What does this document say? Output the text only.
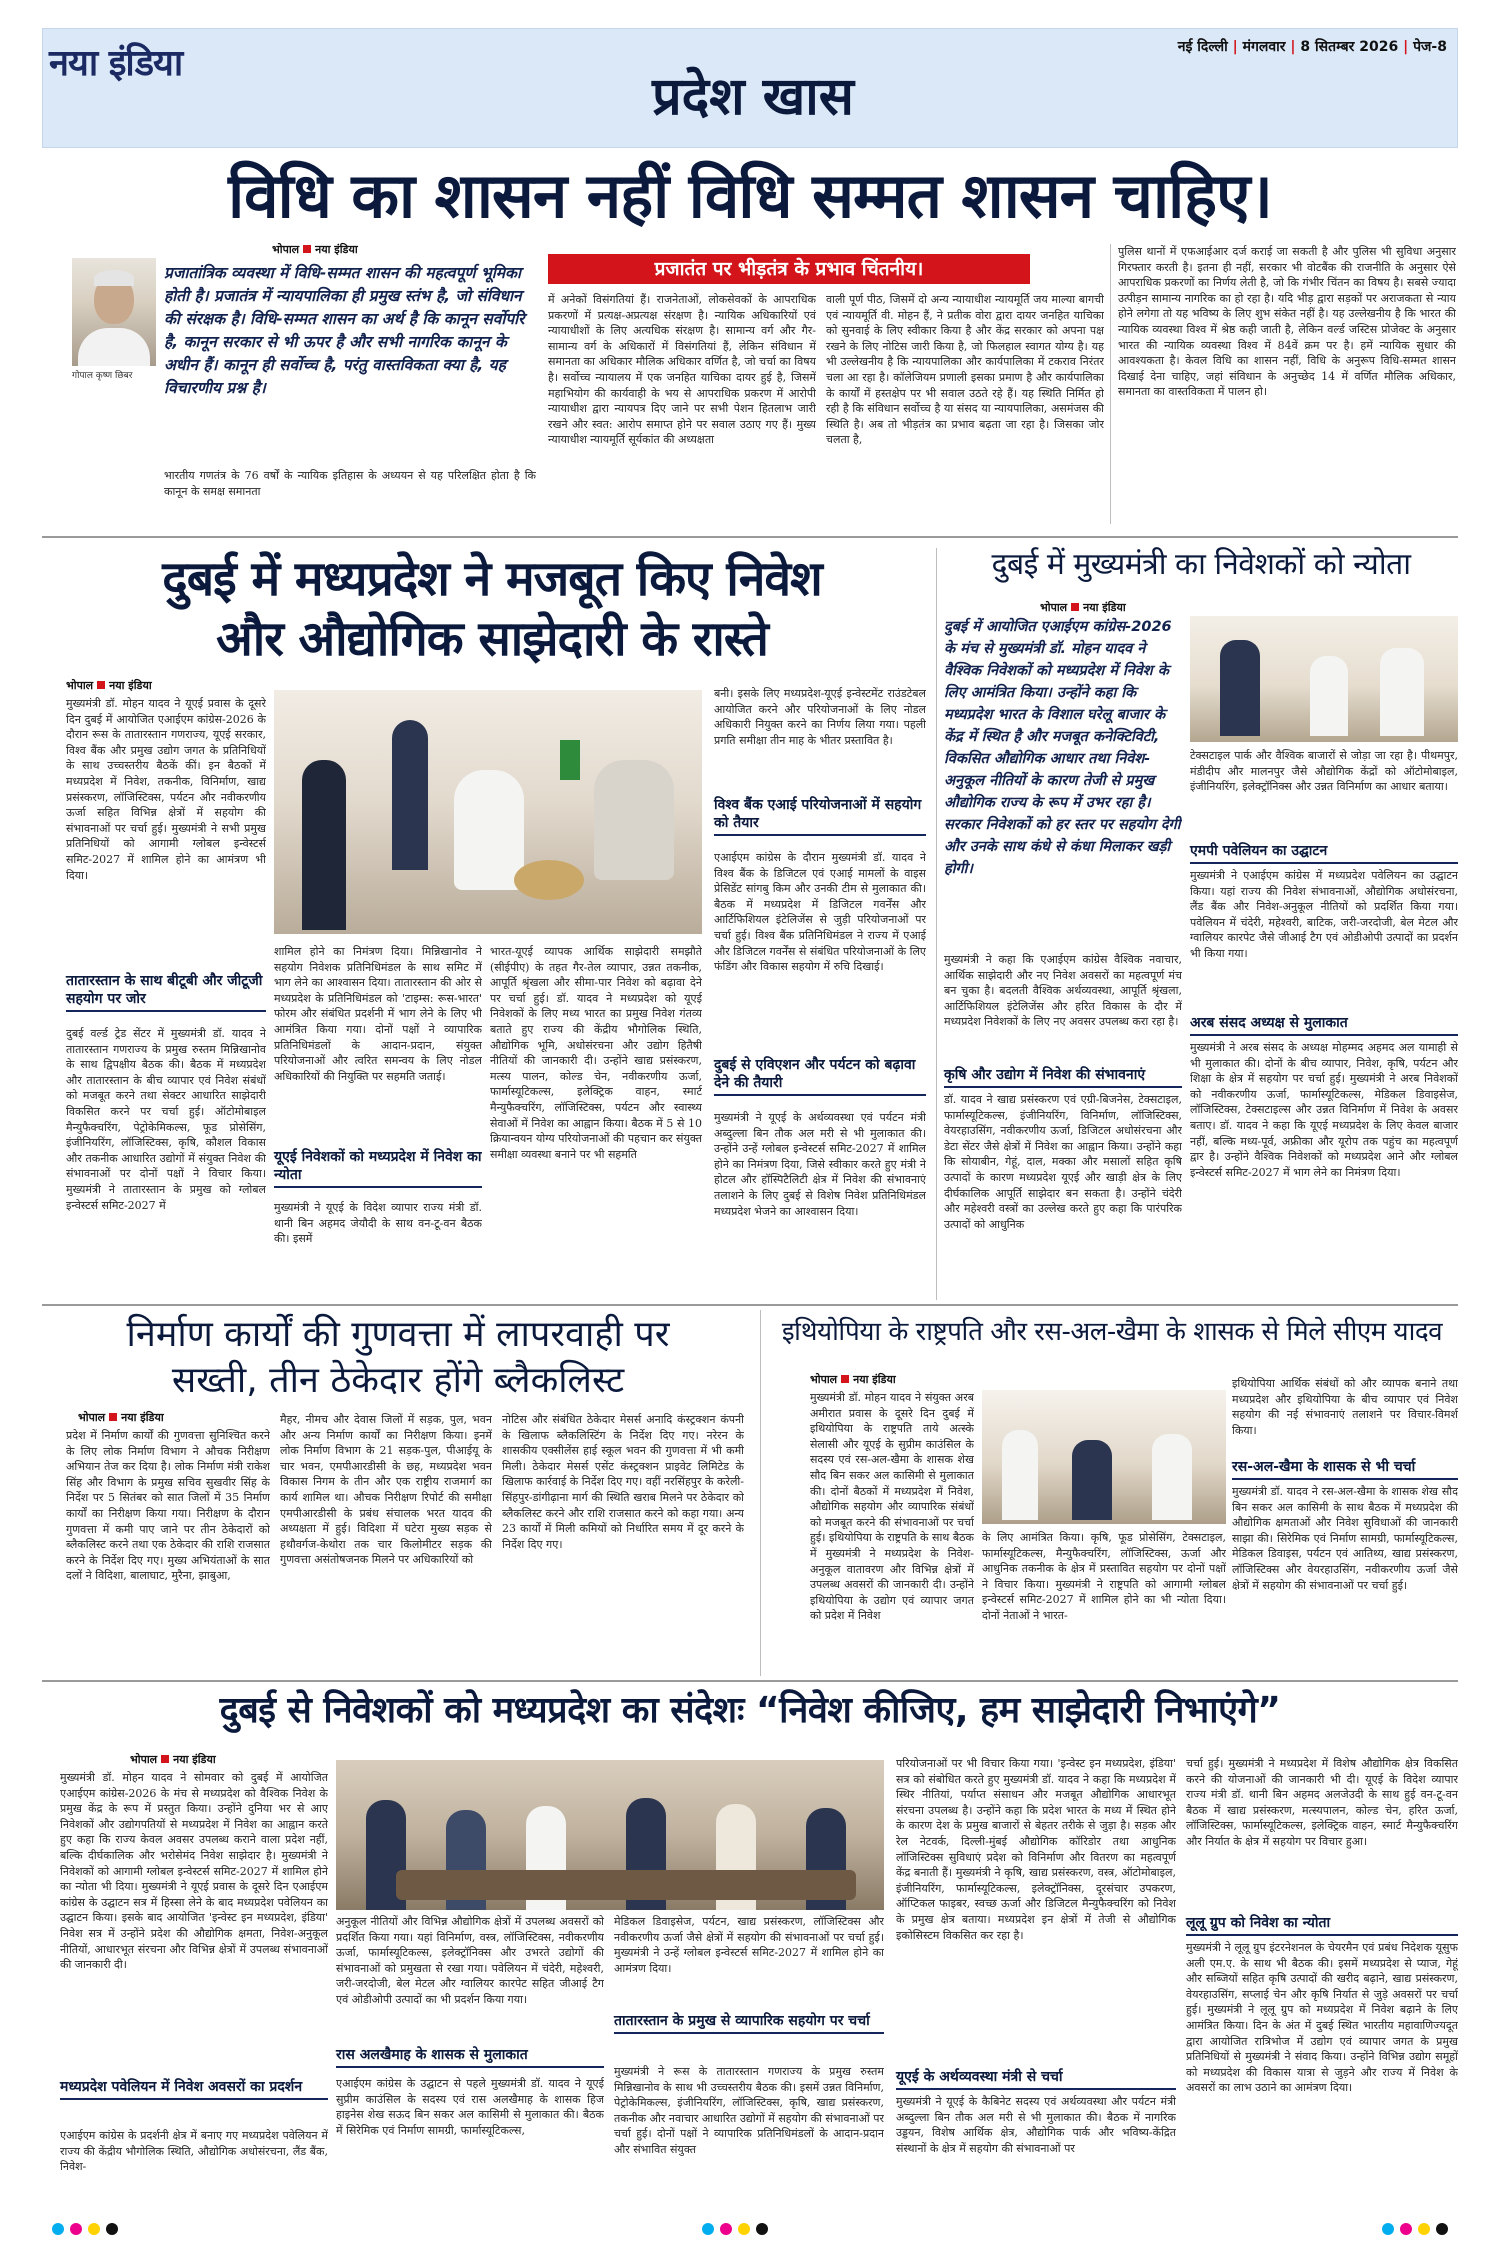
नया इंडिया
प्रदेश खास
नई दिल्ली | मंगलवार | 8 सितम्बर 2026 | पेज-8
विधि का शासन नहीं विधि सम्मत शासन चाहिए।
भोपाल नया इंडिया
गोपाल कृष्ण छिबर
प्रजातांत्रिक व्यवस्था में विधि-सम्मत शासन की महत्वपूर्ण भूमिका होती है। प्रजातंत्र में न्यायपालिका ही प्रमुख स्तंभ है, जो संविधान की संरक्षक है। विधि-सम्मत शासन का अर्थ है कि कानून सर्वोपरि है, कानून सरकार से भी ऊपर है और सभी नागरिक कानून के अधीन हैं। कानून ही सर्वोच्च है, परंतु वास्तविकता क्या है, यह विचारणीय प्रश्न है।
प्रजातंत पर भीड़तंत्र के प्रभाव चिंतनीय।
भारतीय गणतंत्र के 76 वर्षों के न्यायिक इतिहास के अध्ययन से यह परिलक्षित होता है कि कानून के समक्ष समानता
में अनेकों विसंगतियां हैं। राजनेताओं, लोकसेवकों के आपराधिक प्रकरणों में प्रत्यक्ष-अप्रत्यक्ष संरक्षण है। न्यायिक अधिकारियों एवं न्यायाधीशों के लिए अत्यधिक संरक्षण है। सामान्य वर्ग और गैर-सामान्य वर्ग के अधिकारों में विसंगतियां हैं, लेकिन संविधान में समानता का अधिकार मौलिक अधिकार वर्णित है, जो चर्चा का विषय है। सर्वोच्च न्यायालय में एक जनहित याचिका दायर हुई है, जिसमें महाभियोग की कार्यवाही के भय से आपराधिक प्रकरण में आरोपी न्यायाधीश द्वारा न्यायपत्र दिए जाने पर सभी पेशन हितलाभ जारी रखने और स्वत: आरोप समाप्त होने पर सवाल उठाए गए हैं। मुख्य न्यायाधीश न्यायमूर्ति सूर्यकांत की अध्यक्षता
वाली पूर्ण पीठ, जिसमें दो अन्य न्यायाधीश न्यायमूर्ति जय माल्या बागची एवं न्यायमूर्ति वी. मोहन हैं, ने प्रतीक वोरा द्वारा दायर जनहित याचिका को सुनवाई के लिए स्वीकार किया है और केंद्र सरकार को अपना पक्ष रखने के लिए नोटिस जारी किया है, जो फिलहाल स्वागत योग्य है। यह भी उल्लेखनीय है कि न्यायपालिका और कार्यपालिका में टकराव निरंतर चला आ रहा है। कॉलेजियम प्रणाली इसका प्रमाण है और कार्यपालिका के कार्यों में हस्तक्षेप पर भी सवाल उठते रहे हैं। यह स्थिति निर्मित हो रही है कि संविधान सर्वोच्च है या संसद या न्यायपालिका, असमंजस की स्थिति है। अब तो भीड़तंत्र का प्रभाव बढ़ता जा रहा है। जिसका जोर चलता है,
पुलिस थानों में एफआईआर दर्ज कराई जा सकती है और पुलिस भी सुविधा अनुसार गिरफ्तार करती है। इतना ही नहीं, सरकार भी वोटबैंक की राजनीति के अनुसार ऐसे आपराधिक प्रकरणों का निर्णय लेती है, जो कि गंभीर चिंतन का विषय है। सबसे ज्यादा उत्पीड़न सामान्य नागरिक का हो रहा है। यदि भीड़ द्वारा सड़कों पर अराजकता से न्याय होने लगेगा तो यह भविष्य के लिए शुभ संकेत नहीं है। यह उल्लेखनीय है कि भारत की न्यायिक व्यवस्था विश्व में श्रेष्ठ कही जाती है, लेकिन वर्ल्ड जस्टिस प्रोजेक्ट के अनुसार भारत की न्यायिक व्यवस्था विश्व में 84वें क्रम पर है। हमें न्यायिक सुधार की आवश्यकता है। केवल विधि का शासन नहीं, विधि के अनुरूप विधि-सम्मत शासन दिखाई देना चाहिए, जहां संविधान के अनुच्छेद 14 में वर्णित मौलिक अधिकार, समानता का वास्तविकता में पालन हो।
दुबई में मध्यप्रदेश ने मजबूत किए निवेश
और औद्योगिक साझेदारी के रास्ते
भोपाल नया इंडिया
मुख्यमंत्री डॉ. मोहन यादव ने यूएई प्रवास के दूसरे दिन दुबई में आयोजित एआईएम कांग्रेस-2026 के दौरान रूस के तातारस्तान गणराज्य, यूएई सरकार, विश्व बैंक और प्रमुख उद्योग जगत के प्रतिनिधियों के साथ उच्चस्तरीय बैठकें कीं। इन बैठकों में मध्यप्रदेश में निवेश, तकनीक, विनिर्माण, खाद्य प्रसंस्करण, लॉजिस्टिक्स, पर्यटन और नवीकरणीय ऊर्जा सहित विभिन्न क्षेत्रों में सहयोग की संभावनाओं पर चर्चा हुई। मुख्यमंत्री ने सभी प्रमुख प्रतिनिधियों को आगामी ग्लोबल इन्वेस्टर्स समिट-2027 में शामिल होने का आमंत्रण भी दिया।
तातारस्तान के साथ बीटूबी और जीटूजी सहयोग पर जोर
दुबई वर्ल्ड ट्रेड सेंटर में मुख्यमंत्री डॉ. यादव ने तातारस्तान गणराज्य के प्रमुख रुस्तम मिन्निखानोव के साथ द्विपक्षीय बैठक की। बैठक में मध्यप्रदेश और तातारस्तान के बीच व्यापार एवं निवेश संबंधों को मजबूत करने तथा सेक्टर आधारित साझेदारी विकसित करने पर चर्चा हुई। ऑटोमोबाइल मैन्युफैक्चरिंग, पेट्रोकेमिकल्स, फूड प्रोसेसिंग, इंजीनियरिंग, लॉजिस्टिक्स, कृषि, कौशल विकास और तकनीक आधारित उद्योगों में संयुक्त निवेश की संभावनाओं पर दोनों पक्षों ने विचार किया। मुख्यमंत्री ने तातारस्तान के प्रमुख को ग्लोबल इन्वेस्टर्स समिट-2027 में
शामिल होने का निमंत्रण दिया। मिन्निखानोव ने सहयोग निवेशक प्रतिनिधिमंडल के साथ समिट में भाग लेने का आश्वासन दिया। तातारस्तान की ओर से मध्यप्रदेश के प्रतिनिधिमंडल को 'टाइम्स: रूस-भारत' फोरम और संबंधित प्रदर्शनी में भाग लेने के लिए भी आमंत्रित किया गया। दोनों पक्षों ने व्यापारिक प्रतिनिधिमंडलों के आदान-प्रदान, संयुक्त परियोजनाओं और त्वरित समन्वय के लिए नोडल अधिकारियों की नियुक्ति पर सहमति जताई।
यूएई निवेशकों को मध्यप्रदेश में निवेश का न्योता
मुख्यमंत्री ने यूएई के विदेश व्यापार राज्य मंत्री डॉ. थानी बिन अहमद जेयौदी के साथ वन-टू-वन बैठक की। इसमें
भारत-यूएई व्यापक आर्थिक साझेदारी समझौते (सीईपीए) के तहत गैर-तेल व्यापार, उन्नत तकनीक, आपूर्ति श्रृंखला और सीमा-पार निवेश को बढ़ावा देने पर चर्चा हुई। डॉ. यादव ने मध्यप्रदेश को यूएई निवेशकों के लिए मध्य भारत का प्रमुख निवेश गंतव्य बताते हुए राज्य की केंद्रीय भौगोलिक स्थिति, औद्योगिक भूमि, अधोसंरचना और उद्योग हितैषी नीतियों की जानकारी दी। उन्होंने खाद्य प्रसंस्करण, मत्स्य पालन, कोल्ड चेन, नवीकरणीय ऊर्जा, फार्मास्यूटिकल्स, इलेक्ट्रिक वाहन, स्मार्ट मैन्युफैक्चरिंग, लॉजिस्टिक्स, पर्यटन और स्वास्थ्य सेवाओं में निवेश का आह्वान किया। बैठक में 5 से 10 क्रियान्वयन योग्य परियोजनाओं की पहचान कर संयुक्त समीक्षा व्यवस्था बनाने पर भी सहमति
बनी। इसके लिए मध्यप्रदेश-यूएई इन्वेस्टमेंट राउंडटेबल आयोजित करने और परियोजनाओं के लिए नोडल अधिकारी नियुक्त करने का निर्णय लिया गया। पहली प्रगति समीक्षा तीन माह के भीतर प्रस्तावित है।
विश्व बैंक एआई परियोजनाओं में सहयोग को तैयार
एआईएम कांग्रेस के दौरान मुख्यमंत्री डॉ. यादव ने विश्व बैंक के डिजिटल एवं एआई मामलों के वाइस प्रेसिडेंट सांगबु किम और उनकी टीम से मुलाकात की। बैठक में मध्यप्रदेश में डिजिटल गवर्नेंस और आर्टिफिशियल इंटेलिजेंस से जुड़ी परियोजनाओं पर चर्चा हुई। विश्व बैंक प्रतिनिधिमंडल ने राज्य में एआई और डिजिटल गवर्नेंस से संबंधित परियोजनाओं के लिए फंडिंग और विकास सहयोग में रुचि दिखाई।
दुबई से एविएशन और पर्यटन को बढ़ावा देने की तैयारी
मुख्यमंत्री ने यूएई के अर्थव्यवस्था एवं पर्यटन मंत्री अब्दुल्ला बिन तौक अल मरी से भी मुलाकात की। उन्होंने उन्हें ग्लोबल इन्वेस्टर्स समिट-2027 में शामिल होने का निमंत्रण दिया, जिसे स्वीकार करते हुए मंत्री ने होटल और हॉस्पिटैलिटी क्षेत्र में निवेश की संभावनाएं तलाशने के लिए दुबई से विशेष निवेश प्रतिनिधिमंडल मध्यप्रदेश भेजने का आश्वासन दिया।
दुबई में मुख्यमंत्री का निवेशकों को न्योता
भोपाल नया इंडिया
दुबई में आयोजित एआईएम कांग्रेस-2026 के मंच से मुख्यमंत्री डॉ. मोहन यादव ने वैश्विक निवेशकों को मध्यप्रदेश में निवेश के लिए आमंत्रित किया। उन्होंने कहा कि मध्यप्रदेश भारत के विशाल घरेलू बाजार के केंद्र में स्थित है और मजबूत कनेक्टिविटी, विकसित औद्योगिक आधार तथा निवेश-अनुकूल नीतियों के कारण तेजी से प्रमुख औद्योगिक राज्य के रूप में उभर रहा है। सरकार निवेशकों को हर स्तर पर सहयोग देगी और उनके साथ कंधे से कंधा मिलाकर खड़ी होगी।
टेक्सटाइल पार्क और वैश्विक बाजारों से जोड़ा जा रहा है। पीथमपुर, मंडीदीप और मालनपुर जैसे औद्योगिक केंद्रों को ऑटोमोबाइल, इंजीनियरिंग, इलेक्ट्रॉनिक्स और उन्नत विनिर्माण का आधार बताया।
एमपी पवेलियन का उद्घाटन
मुख्यमंत्री ने एआईएम कांग्रेस में मध्यप्रदेश पवेलियन का उद्घाटन किया। यहां राज्य की निवेश संभावनाओं, औद्योगिक अधोसंरचना, लैंड बैंक और निवेश-अनुकूल नीतियों को प्रदर्शित किया गया। पवेलियन में चंदेरी, महेश्वरी, बाटिक, जरी-जरदोजी, बेल मेटल और ग्वालियर कारपेट जैसे जीआई टैग एवं ओडीओपी उत्पादों का प्रदर्शन भी किया गया।
अरब संसद अध्यक्ष से मुलाकात
मुख्यमंत्री ने अरब संसद के अध्यक्ष मोहम्मद अहमद अल यामाही से भी मुलाकात की। दोनों के बीच व्यापार, निवेश, कृषि, पर्यटन और शिक्षा के क्षेत्र में सहयोग पर चर्चा हुई। मुख्यमंत्री ने अरब निवेशकों को नवीकरणीय ऊर्जा, फार्मास्यूटिकल्स, मेडिकल डिवाइसेज, लॉजिस्टिक्स, टेक्सटाइल्स और उन्नत विनिर्माण में निवेश के अवसर बताए। डॉ. यादव ने कहा कि यूएई मध्यप्रदेश के लिए केवल बाजार नहीं, बल्कि मध्य-पूर्व, अफ्रीका और यूरोप तक पहुंच का महत्वपूर्ण द्वार है। उन्होंने वैश्विक निवेशकों को मध्यप्रदेश आने और ग्लोबल इन्वेस्टर्स समिट-2027 में भाग लेने का निमंत्रण दिया।
मुख्यमंत्री ने कहा कि एआईएम कांग्रेस वैश्विक नवाचार, आर्थिक साझेदारी और नए निवेश अवसरों का महत्वपूर्ण मंच बन चुका है। बदलती वैश्विक अर्थव्यवस्था, आपूर्ति श्रृंखला, आर्टिफिशियल इंटेलिजेंस और हरित विकास के दौर में मध्यप्रदेश निवेशकों के लिए नए अवसर उपलब्ध करा रहा है।
कृषि और उद्योग में निवेश की संभावनाएं
डॉ. यादव ने खाद्य प्रसंस्करण एवं एग्री-बिजनेस, टेक्सटाइल, फार्मास्यूटिकल्स, इंजीनियरिंग, विनिर्माण, लॉजिस्टिक्स, वेयरहाउसिंग, नवीकरणीय ऊर्जा, डिजिटल अधोसंरचना और डेटा सेंटर जैसे क्षेत्रों में निवेश का आह्वान किया। उन्होंने कहा कि सोयाबीन, गेहूं, दाल, मक्का और मसालों सहित कृषि उत्पादों के कारण मध्यप्रदेश यूएई और खाड़ी क्षेत्र के लिए दीर्घकालिक आपूर्ति साझेदार बन सकता है। उन्होंने चंदेरी और महेश्वरी वस्त्रों का उल्लेख करते हुए कहा कि पारंपरिक उत्पादों को आधुनिक
निर्माण कार्यों की गुणवत्ता में लापरवाही पर
सख्ती, तीन ठेकेदार होंगे ब्लैकलिस्ट
भोपाल नया इंडिया
प्रदेश में निर्माण कार्यों की गुणवत्ता सुनिश्चित करने के लिए लोक निर्माण विभाग ने औचक निरीक्षण अभियान तेज कर दिया है। लोक निर्माण मंत्री राकेश सिंह और विभाग के प्रमुख सचिव सुखवीर सिंह के निर्देश पर 5 सितंबर को सात जिलों में 35 निर्माण कार्यों का निरीक्षण किया गया। निरीक्षण के दौरान गुणवत्ता में कमी पाए जाने पर तीन ठेकेदारों को ब्लैकलिस्ट करने तथा एक ठेकेदार की राशि राजसात करने के निर्देश दिए गए। मुख्य अभियंताओं के सात दलों ने विदिशा, बालाघाट, मुरैना, झाबुआ,
मैहर, नीमच और देवास जिलों में सड़क, पुल, भवन और अन्य निर्माण कार्यों का निरीक्षण किया। इनमें लोक निर्माण विभाग के 21 सड़क-पुल, पीआईयू के चार भवन, एमपीआरडीसी के छह, मध्यप्रदेश भवन विकास निगम के तीन और एक राष्ट्रीय राजमार्ग का कार्य शामिल था। औचक निरीक्षण रिपोर्ट की समीक्षा एमपीआरडीसी के प्रबंध संचालक भरत यादव की अध्यक्षता में हुई। विदिशा में घटेरा मुख्य सड़क से हथौवर्गज-केथोरा तक चार किलोमीटर सड़क की गुणवत्ता असंतोषजनक मिलने पर अधिकारियों को
नोटिस और संबंधित ठेकेदार मेसर्स अनादि कंस्ट्रक्शन कंपनी के खिलाफ ब्लैकलिस्टिंग के निर्देश दिए गए। नरेरन के शासकीय एक्सीलेंस हाई स्कूल भवन की गुणवत्ता में भी कमी मिली। ठेकेदार मेसर्स एसेंट कंस्ट्रक्शन प्राइवेट लिमिटेड के खिलाफ कार्रवाई के निर्देश दिए गए। वहीं नरसिंहपुर के करेली-सिंहपुर-डांगीढ़ाना मार्ग की स्थिति खराब मिलने पर ठेकेदार को ब्लैकलिस्ट करने और राशि राजसात करने को कहा गया। अन्य 23 कार्यों में मिली कमियों को निर्धारित समय में दूर करने के निर्देश दिए गए।
इथियोपिया के राष्ट्रपति और रस-अल-खैमा के शासक से मिले सीएम यादव
भोपाल नया इंडिया
मुख्यमंत्री डॉ. मोहन यादव ने संयुक्त अरब अमीरात प्रवास के दूसरे दिन दुबई में इथियोपिया के राष्ट्रपति ताये अत्स्के सेलासी और यूएई के सुप्रीम काउंसिल के सदस्य एवं रस-अल-खैमा के शासक शेख सौद बिन सकर अल कासिमी से मुलाकात की। दोनों बैठकों में मध्यप्रदेश में निवेश, औद्योगिक सहयोग और व्यापारिक संबंधों को मजबूत करने की संभावनाओं पर चर्चा हुई। इथियोपिया के राष्ट्रपति के साथ बैठक में मुख्यमंत्री ने मध्यप्रदेश के निवेश-अनुकूल वातावरण और विभिन्न क्षेत्रों में उपलब्ध अवसरों की जानकारी दी। उन्होंने इथियोपिया के उद्योग एवं व्यापार जगत को प्रदेश में निवेश
के लिए आमंत्रित किया। कृषि, फूड प्रोसेसिंग, टेक्सटाइल, फार्मास्यूटिकल्स, मैन्युफैक्चरिंग, लॉजिस्टिक्स, ऊर्जा और आधुनिक तकनीक के क्षेत्र में प्रस्तावित सहयोग पर दोनों पक्षों ने विचार किया। मुख्यमंत्री ने राष्ट्रपति को आगामी ग्लोबल इन्वेस्टर्स समिट-2027 में शामिल होने का भी न्योता दिया। दोनों नेताओं ने भारत-
इथियोपिया आर्थिक संबंधों को और व्यापक बनाने तथा मध्यप्रदेश और इथियोपिया के बीच व्यापार एवं निवेश सहयोग की नई संभावनाएं तलाशने पर विचार-विमर्श किया।
रस-अल-खैमा के शासक से भी चर्चा
मुख्यमंत्री डॉ. यादव ने रस-अल-खैमा के शासक शेख सौद बिन सकर अल कासिमी के साथ बैठक में मध्यप्रदेश की औद्योगिक क्षमताओं और निवेश सुविधाओं की जानकारी साझा की। सिरेमिक एवं निर्माण सामग्री, फार्मास्यूटिकल्स, मेडिकल डिवाइस, पर्यटन एवं आतिथ्य, खाद्य प्रसंस्करण, लॉजिस्टिक्स और वेयरहाउसिंग, नवीकरणीय ऊर्जा जैसे क्षेत्रों में सहयोग की संभावनाओं पर चर्चा हुई।
दुबई से निवेशकों को मध्यप्रदेश का संदेशः “निवेश कीजिए, हम साझेदारी निभाएंगे”
भोपाल नया इंडिया
मुख्यमंत्री डॉ. मोहन यादव ने सोमवार को दुबई में आयोजित एआईएम कांग्रेस-2026 के मंच से मध्यप्रदेश को वैश्विक निवेश के प्रमुख केंद्र के रूप में प्रस्तुत किया। उन्होंने दुनिया भर से आए निवेशकों और उद्योगपतियों से मध्यप्रदेश में निवेश का आह्वान करते हुए कहा कि राज्य केवल अवसर उपलब्ध कराने वाला प्रदेश नहीं, बल्कि दीर्घकालिक और भरोसेमंद निवेश साझेदार है। मुख्यमंत्री ने निवेशकों को आगामी ग्लोबल इन्वेस्टर्स समिट-2027 में शामिल होने का न्योता भी दिया। मुख्यमंत्री ने यूएई प्रवास के दूसरे दिन एआईएम कांग्रेस के उद्घाटन सत्र में हिस्सा लेने के बाद मध्यप्रदेश पवेलियन का उद्घाटन किया। इसके बाद आयोजित 'इन्वेस्ट इन मध्यप्रदेश, इंडिया' निवेश सत्र में उन्होंने प्रदेश की औद्योगिक क्षमता, निवेश-अनुकूल नीतियों, आधारभूत संरचना और विभिन्न क्षेत्रों में उपलब्ध संभावनाओं की जानकारी दी।
मध्यप्रदेश पवेलियन में निवेश अवसरों का प्रदर्शन
एआईएम कांग्रेस के प्रदर्शनी क्षेत्र में बनाए गए मध्यप्रदेश पवेलियन में राज्य की केंद्रीय भौगोलिक स्थिति, औद्योगिक अधोसंरचना, लैंड बैंक, निवेश-
अनुकूल नीतियों और विभिन्न औद्योगिक क्षेत्रों में उपलब्ध अवसरों को प्रदर्शित किया गया। यहां विनिर्माण, वस्त्र, लॉजिस्टिक्स, नवीकरणीय ऊर्जा, फार्मास्यूटिकल्स, इलेक्ट्रॉनिक्स और उभरते उद्योगों की संभावनाओं को प्रमुखता से रखा गया। पवेलियन में चंदेरी, महेश्वरी, जरी-जरदोजी, बेल मेटल और ग्वालियर कारपेट सहित जीआई टैग एवं ओडीओपी उत्पादों का भी प्रदर्शन किया गया।
रास अलखैमाह के शासक से मुलाकात
एआईएम कांग्रेस के उद्घाटन से पहले मुख्यमंत्री डॉ. यादव ने यूएई सुप्रीम काउंसिल के सदस्य एवं रास अलखैमाह के शासक हिज हाइनेस शेख सऊद बिन सकर अल कासिमी से मुलाकात की। बैठक में सिरेमिक एवं निर्माण सामग्री, फार्मास्यूटिकल्स,
मेडिकल डिवाइसेज, पर्यटन, खाद्य प्रसंस्करण, लॉजिस्टिक्स और नवीकरणीय ऊर्जा जैसे क्षेत्रों में सहयोग की संभावनाओं पर चर्चा हुई। मुख्यमंत्री ने उन्हें ग्लोबल इन्वेस्टर्स समिट-2027 में शामिल होने का आमंत्रण दिया।
तातारस्तान के प्रमुख से व्यापारिक सहयोग पर चर्चा
मुख्यमंत्री ने रूस के तातारस्तान गणराज्य के प्रमुख रुस्तम मिन्निखानोव के साथ भी उच्चस्तरीय बैठक की। इसमें उन्नत विनिर्माण, पेट्रोकेमिकल्स, इंजीनियरिंग, लॉजिस्टिक्स, कृषि, खाद्य प्रसंस्करण, तकनीक और नवाचार आधारित उद्योगों में सहयोग की संभावनाओं पर चर्चा हुई। दोनों पक्षों ने व्यापारिक प्रतिनिधिमंडलों के आदान-प्रदान और संभावित संयुक्त
परियोजनाओं पर भी विचार किया गया। 'इन्वेस्ट इन मध्यप्रदेश, इंडिया' सत्र को संबोधित करते हुए मुख्यमंत्री डॉ. यादव ने कहा कि मध्यप्रदेश में स्थिर नीतियां, पर्याप्त संसाधन और मजबूत औद्योगिक आधारभूत संरचना उपलब्ध है। उन्होंने कहा कि प्रदेश भारत के मध्य में स्थित होने के कारण देश के प्रमुख बाजारों से बेहतर तरीके से जुड़ा है। सड़क और रेल नेटवर्क, दिल्ली-मुंबई औद्योगिक कॉरिडोर तथा आधुनिक लॉजिस्टिक्स सुविधाएं प्रदेश को विनिर्माण और वितरण का महत्वपूर्ण केंद्र बनाती हैं। मुख्यमंत्री ने कृषि, खाद्य प्रसंस्करण, वस्त्र, ऑटोमोबाइल, इंजीनियरिंग, फार्मास्यूटिकल्स, इलेक्ट्रॉनिक्स, दूरसंचार उपकरण, ऑप्टिकल फाइबर, स्वच्छ ऊर्जा और डिजिटल मैन्युफैक्चरिंग को निवेश के प्रमुख क्षेत्र बताया। मध्यप्रदेश इन क्षेत्रों में तेजी से औद्योगिक इकोसिस्टम विकसित कर रहा है।
यूएई के अर्थव्यवस्था मंत्री से चर्चा
मुख्यमंत्री ने यूएई के कैबिनेट सदस्य एवं अर्थव्यवस्था और पर्यटन मंत्री अब्दुल्ला बिन तौक अल मरी से भी मुलाकात की। बैठक में नागरिक उड्डयन, विशेष आर्थिक क्षेत्र, औद्योगिक पार्क और भविष्य-केंद्रित संस्थानों के क्षेत्र में सहयोग की संभावनाओं पर
चर्चा हुई। मुख्यमंत्री ने मध्यप्रदेश में विशेष औद्योगिक क्षेत्र विकसित करने की योजनाओं की जानकारी भी दी। यूएई के विदेश व्यापार राज्य मंत्री डॉ. थानी बिन अहमद अलजेउदी के साथ हुई वन-टू-वन बैठक में खाद्य प्रसंस्करण, मत्स्यपालन, कोल्ड चेन, हरित ऊर्जा, लॉजिस्टिक्स, फार्मास्यूटिकल्स, इलेक्ट्रिक वाहन, स्मार्ट मैन्युफैक्चरिंग और निर्यात के क्षेत्र में सहयोग पर विचार हुआ।
लूलू ग्रुप को निवेश का न्योता
मुख्यमंत्री ने लूलू ग्रुप इंटरनेशनल के चेयरमैन एवं प्रबंध निदेशक यूसुफ अली एम.ए. के साथ भी बैठक की। इसमें मध्यप्रदेश से प्याज, गेहूं और सब्जियों सहित कृषि उत्पादों की खरीद बढ़ाने, खाद्य प्रसंस्करण, वेयरहाउसिंग, सप्लाई चेन और कृषि निर्यात से जुड़े अवसरों पर चर्चा हुई। मुख्यमंत्री ने लूलू ग्रुप को मध्यप्रदेश में निवेश बढ़ाने के लिए आमंत्रित किया। दिन के अंत में दुबई स्थित भारतीय महावाणिज्यदूत द्वारा आयोजित रात्रिभोज में उद्योग एवं व्यापार जगत के प्रमुख प्रतिनिधियों से मुख्यमंत्री ने संवाद किया। उन्होंने विभिन्न उद्योग समूहों को मध्यप्रदेश की विकास यात्रा से जुड़ने और राज्य में निवेश के अवसरों का लाभ उठाने का आमंत्रण दिया।
